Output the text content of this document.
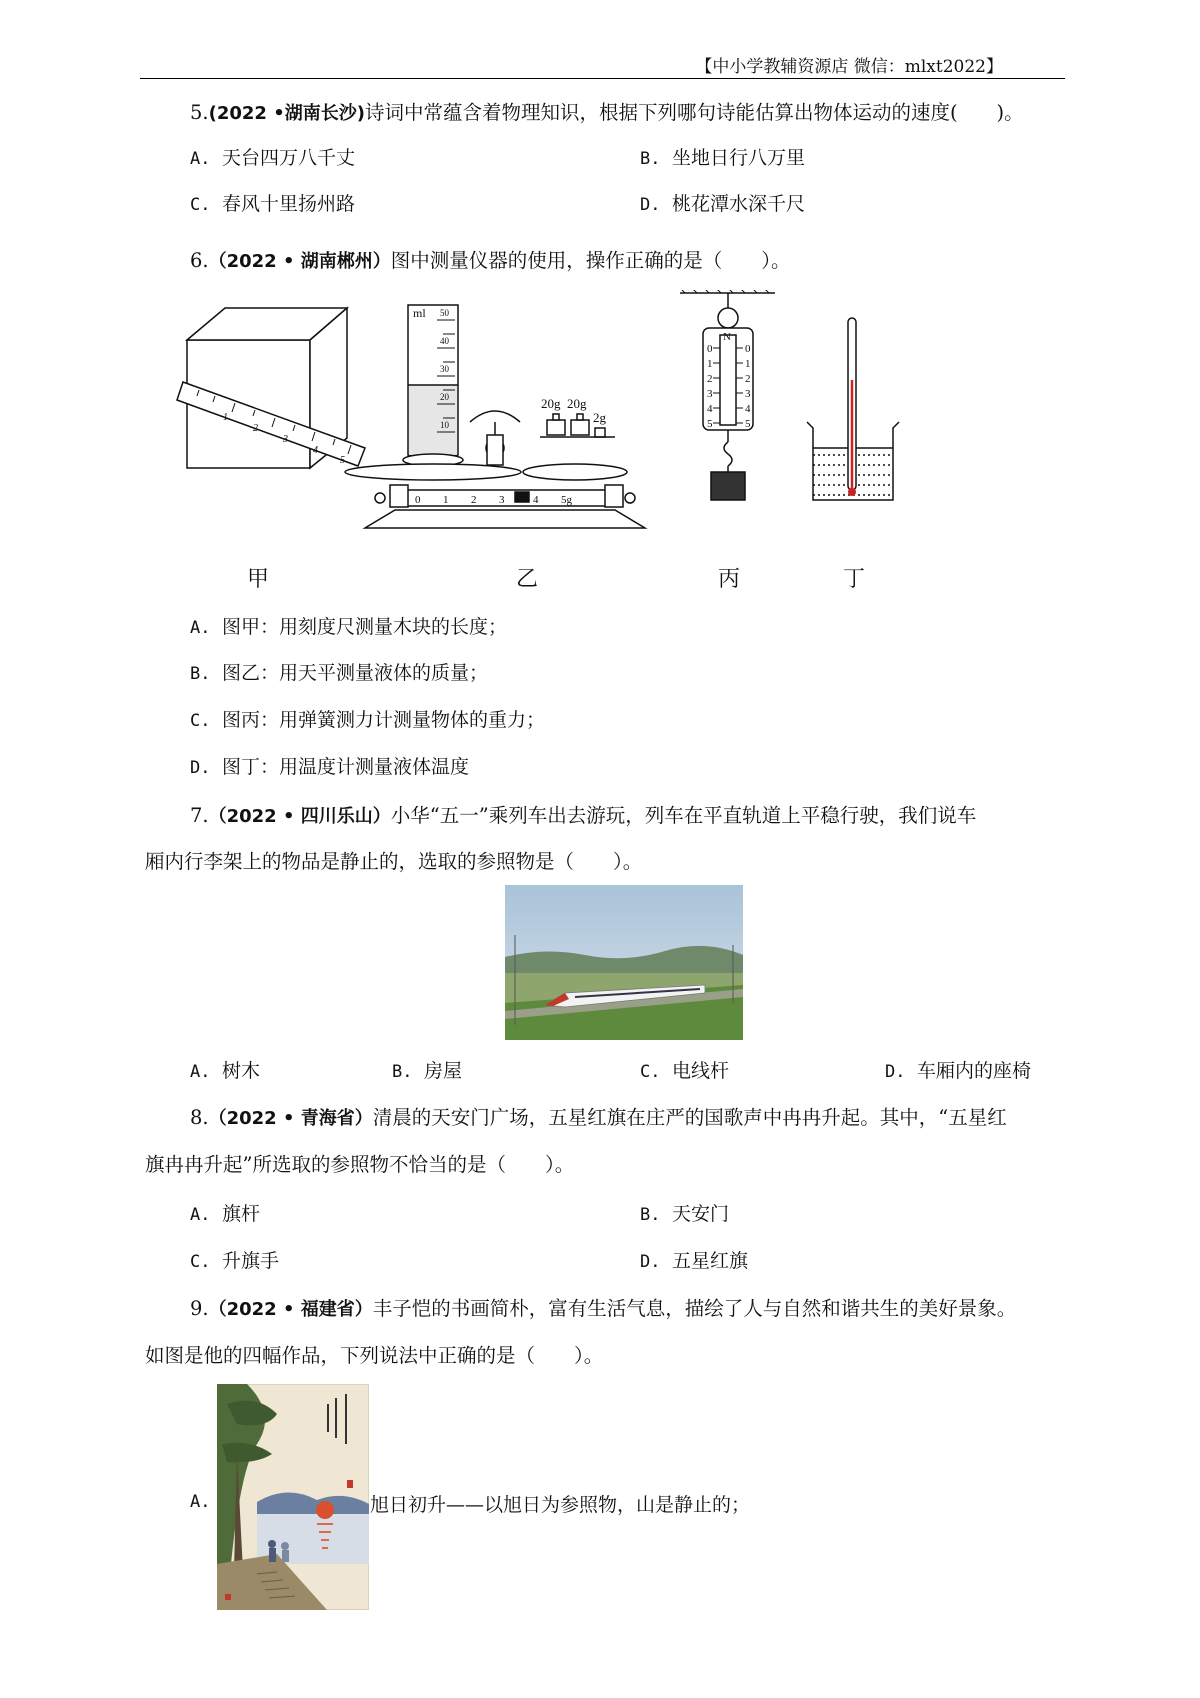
【中小学教辅资源店 微信：mlxt2022】
5.(2022 •湖南长沙)诗词中常蕴含着物理知识，根据下列哪句诗能估算出物体运动的速度(　　)。
A. 天台四万八千丈	B. 坐地日行八万里
C. 春风十里扬州路	D. 桃花潭水深千尺
6.（2022 • 湖南郴州）图中测量仪器的使用，操作正确的是（　　）。
1
2
3
4
5
ml 50
40
30
20
10
20g 20g
2g
0 1 2 3	4 5g
N
0
1
2
3
4
5
0
1
2
3
4
5
甲	乙	丙	丁
A. 图甲：用刻度尺测量木块的长度；
B. 图乙：用天平测量液体的质量；
C. 图丙：用弹簧测力计测量物体的重力；
D. 图丁：用温度计测量液体温度
7.（2022 • 四川乐山）小华“五一”乘列车出去游玩，列车在平直轨道上平稳行驶，我们说车
厢内行李架上的物品是静止的，选取的参照物是（　　）。
A. 树木	B. 房屋	C. 电线杆	D. 车厢内的座椅
8.（2022 • 青海省）清晨的天安门广场，五星红旗在庄严的国歌声中冉冉升起。其中，“五星红
旗冉冉升起”所选取的参照物不恰当的是（　　）。
A. 旗杆	B. 天安门
C. 升旗手	D. 五星红旗
9.（2022 • 福建省）丰子恺的书画简朴，富有生活气息，描绘了人与自然和谐共生的美好景象。
如图是他的四幅作品，下列说法中正确的是（　　）。
A.	旭日初升——以旭日为参照物，山是静止的；
